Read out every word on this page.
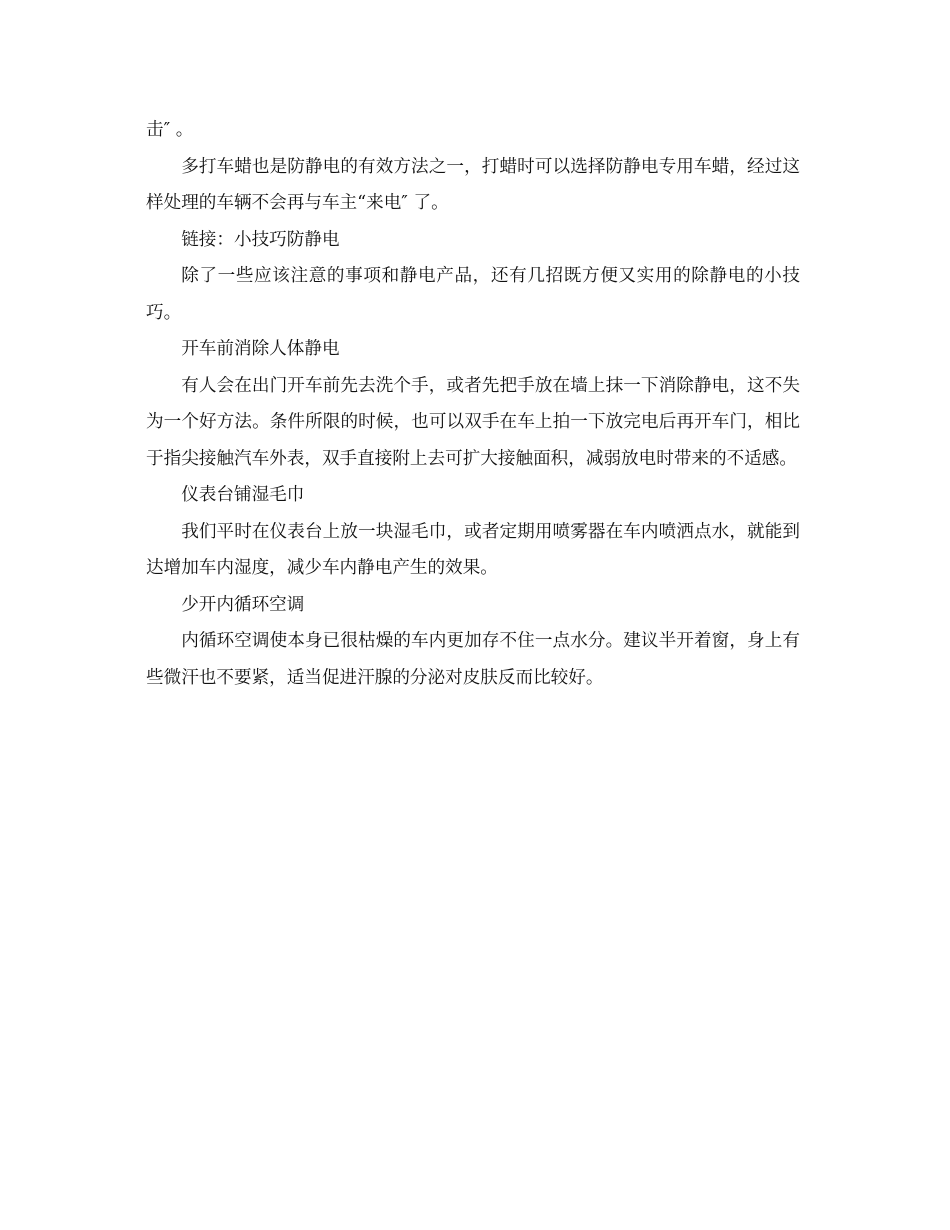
击″ 。

多打车蜡也是防静电的有效方法之一，打蜡时可以选择防静电专用车蜡，经过这样处理的车辆不会再与车主“来电″ 了。

链接：小技巧防静电

除了一些应该注意的事项和静电产品，还有几招既方便又实用的除静电的小技巧。

开车前消除人体静电

有人会在出门开车前先去洗个手，或者先把手放在墙上抹一下消除静电，这不失为一个好方法。条件所限的时候，也可以双手在车上拍一下放完电后再开车门，相比于指尖接触汽车外表，双手直接附上去可扩大接触面积，减弱放电时带来的不适感。

仪表台铺湿毛巾

我们平时在仪表台上放一块湿毛巾，或者定期用喷雾器在车内喷洒点水，就能到达增加车内湿度，减少车内静电产生的效果。

少开内循环空调

内循环空调使本身已很枯燥的车内更加存不住一点水分。建议半开着窗，身上有些微汗也不要紧，适当促进汗腺的分泌对皮肤反而比较好。
